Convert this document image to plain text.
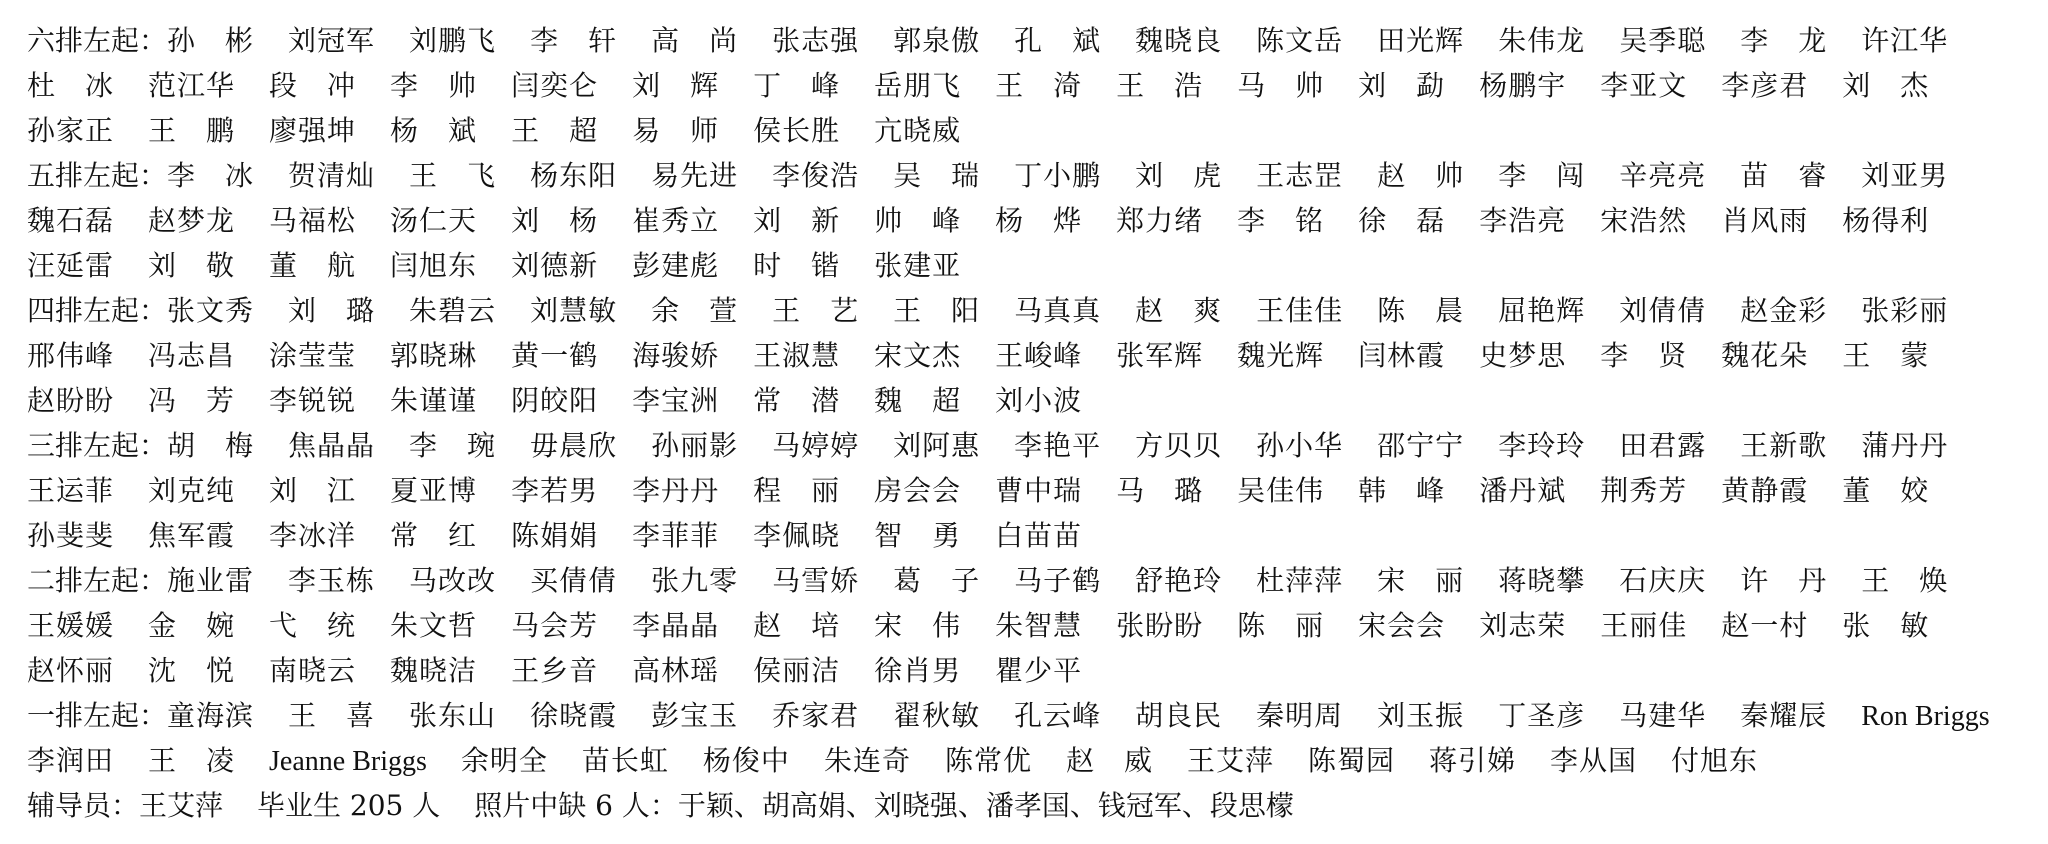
六排左起： 孙　彬 刘冠军 刘鹏飞 李　轩 高　尚 张志强 郭泉傲 孔　斌 魏晓良 陈文岳 田光辉 朱伟龙 吴季聪 李　龙 许江华
杜　冰 范江华 段　冲 李　帅 闫奕仑 刘　辉 丁　峰 岳朋飞 王　渏 王　浩 马　帅 刘　勐 杨鹏宇 李亚文 李彦君 刘　杰
孙家正 王　鹏 廖强坤 杨　斌 王　超 易　师 侯长胜 亢晓威
五排左起： 李　冰 贺清灿 王　飞 杨东阳 易先进 李俊浩 吴　瑞 丁小鹏 刘　虎 王志罡 赵　帅 李　闯 辛亮亮 苗　睿 刘亚男
魏石磊 赵梦龙 马福松 汤仁天 刘　杨 崔秀立 刘　新 帅　峰 杨　烨 郑力绪 李　铭 徐　磊 李浩亮 宋浩然 肖风雨 杨得利
汪延雷 刘　敬 董　航 闫旭东 刘德新 彭建彪 时　锴 张建亚
四排左起： 张文秀 刘　璐 朱碧云 刘慧敏 余　萱 王　艺 王　阳 马真真 赵　爽 王佳佳 陈　晨 屈艳辉 刘倩倩 赵金彩 张彩丽
邢伟峰 冯志昌 涂莹莹 郭晓琳 黄一鹤 海骏娇 王淑慧 宋文杰 王峻峰 张军辉 魏光辉 闫林霞 史梦思 李　贤 魏花朵 王　蒙
赵盼盼 冯　芳 李锐锐 朱谨谨 阴皎阳 李宝洲 常　潜 魏　超 刘小波
三排左起： 胡　梅 焦晶晶 李　琬 毋晨欣 孙丽影 马婷婷 刘阿惠 李艳平 方贝贝 孙小华 邵宁宁 李玲玲 田君露 王新歌 蒲丹丹
王运菲 刘克纯 刘　江 夏亚博 李若男 李丹丹 程　丽 房会会 曹中瑞 马　璐 吴佳伟 韩　峰 潘丹斌 荆秀芳 黄静霞 董　姣
孙斐斐 焦军霞 李冰洋 常　红 陈娟娟 李菲菲 李佩晓 智　勇 白苗苗
二排左起： 施业雷 李玉栋 马改改 买倩倩 张九零 马雪娇 葛　子 马子鹤 舒艳玲 杜萍萍 宋　丽 蒋晓攀 石庆庆 许　丹 王　焕
王媛媛 金　婉 弋　统 朱文哲 马会芳 李晶晶 赵　培 宋　伟 朱智慧 张盼盼 陈　丽 宋会会 刘志荣 王丽佳 赵一村 张　敏
赵怀丽 沈　悦 南晓云 魏晓洁 王乡音 高林瑶 侯丽洁 徐肖男 瞿少平
一排左起： 童海滨 王　喜 张东山 徐晓霞 彭宝玉 乔家君 翟秋敏 孔云峰 胡良民 秦明周 刘玉振 丁圣彦 马建华 秦耀辰 Ron Briggs
李润田 王　凌 Jeanne Briggs 余明全 苗长虹 杨俊中 朱连奇 陈常优 赵　威 王艾萍 陈蜀园 蒋引娣 李从国 付旭东
辅导员：王艾萍 毕业生 205 人 照片中缺 6 人：于颖、胡高娟、刘晓强、潘孝国、钱冠军、段思檬
